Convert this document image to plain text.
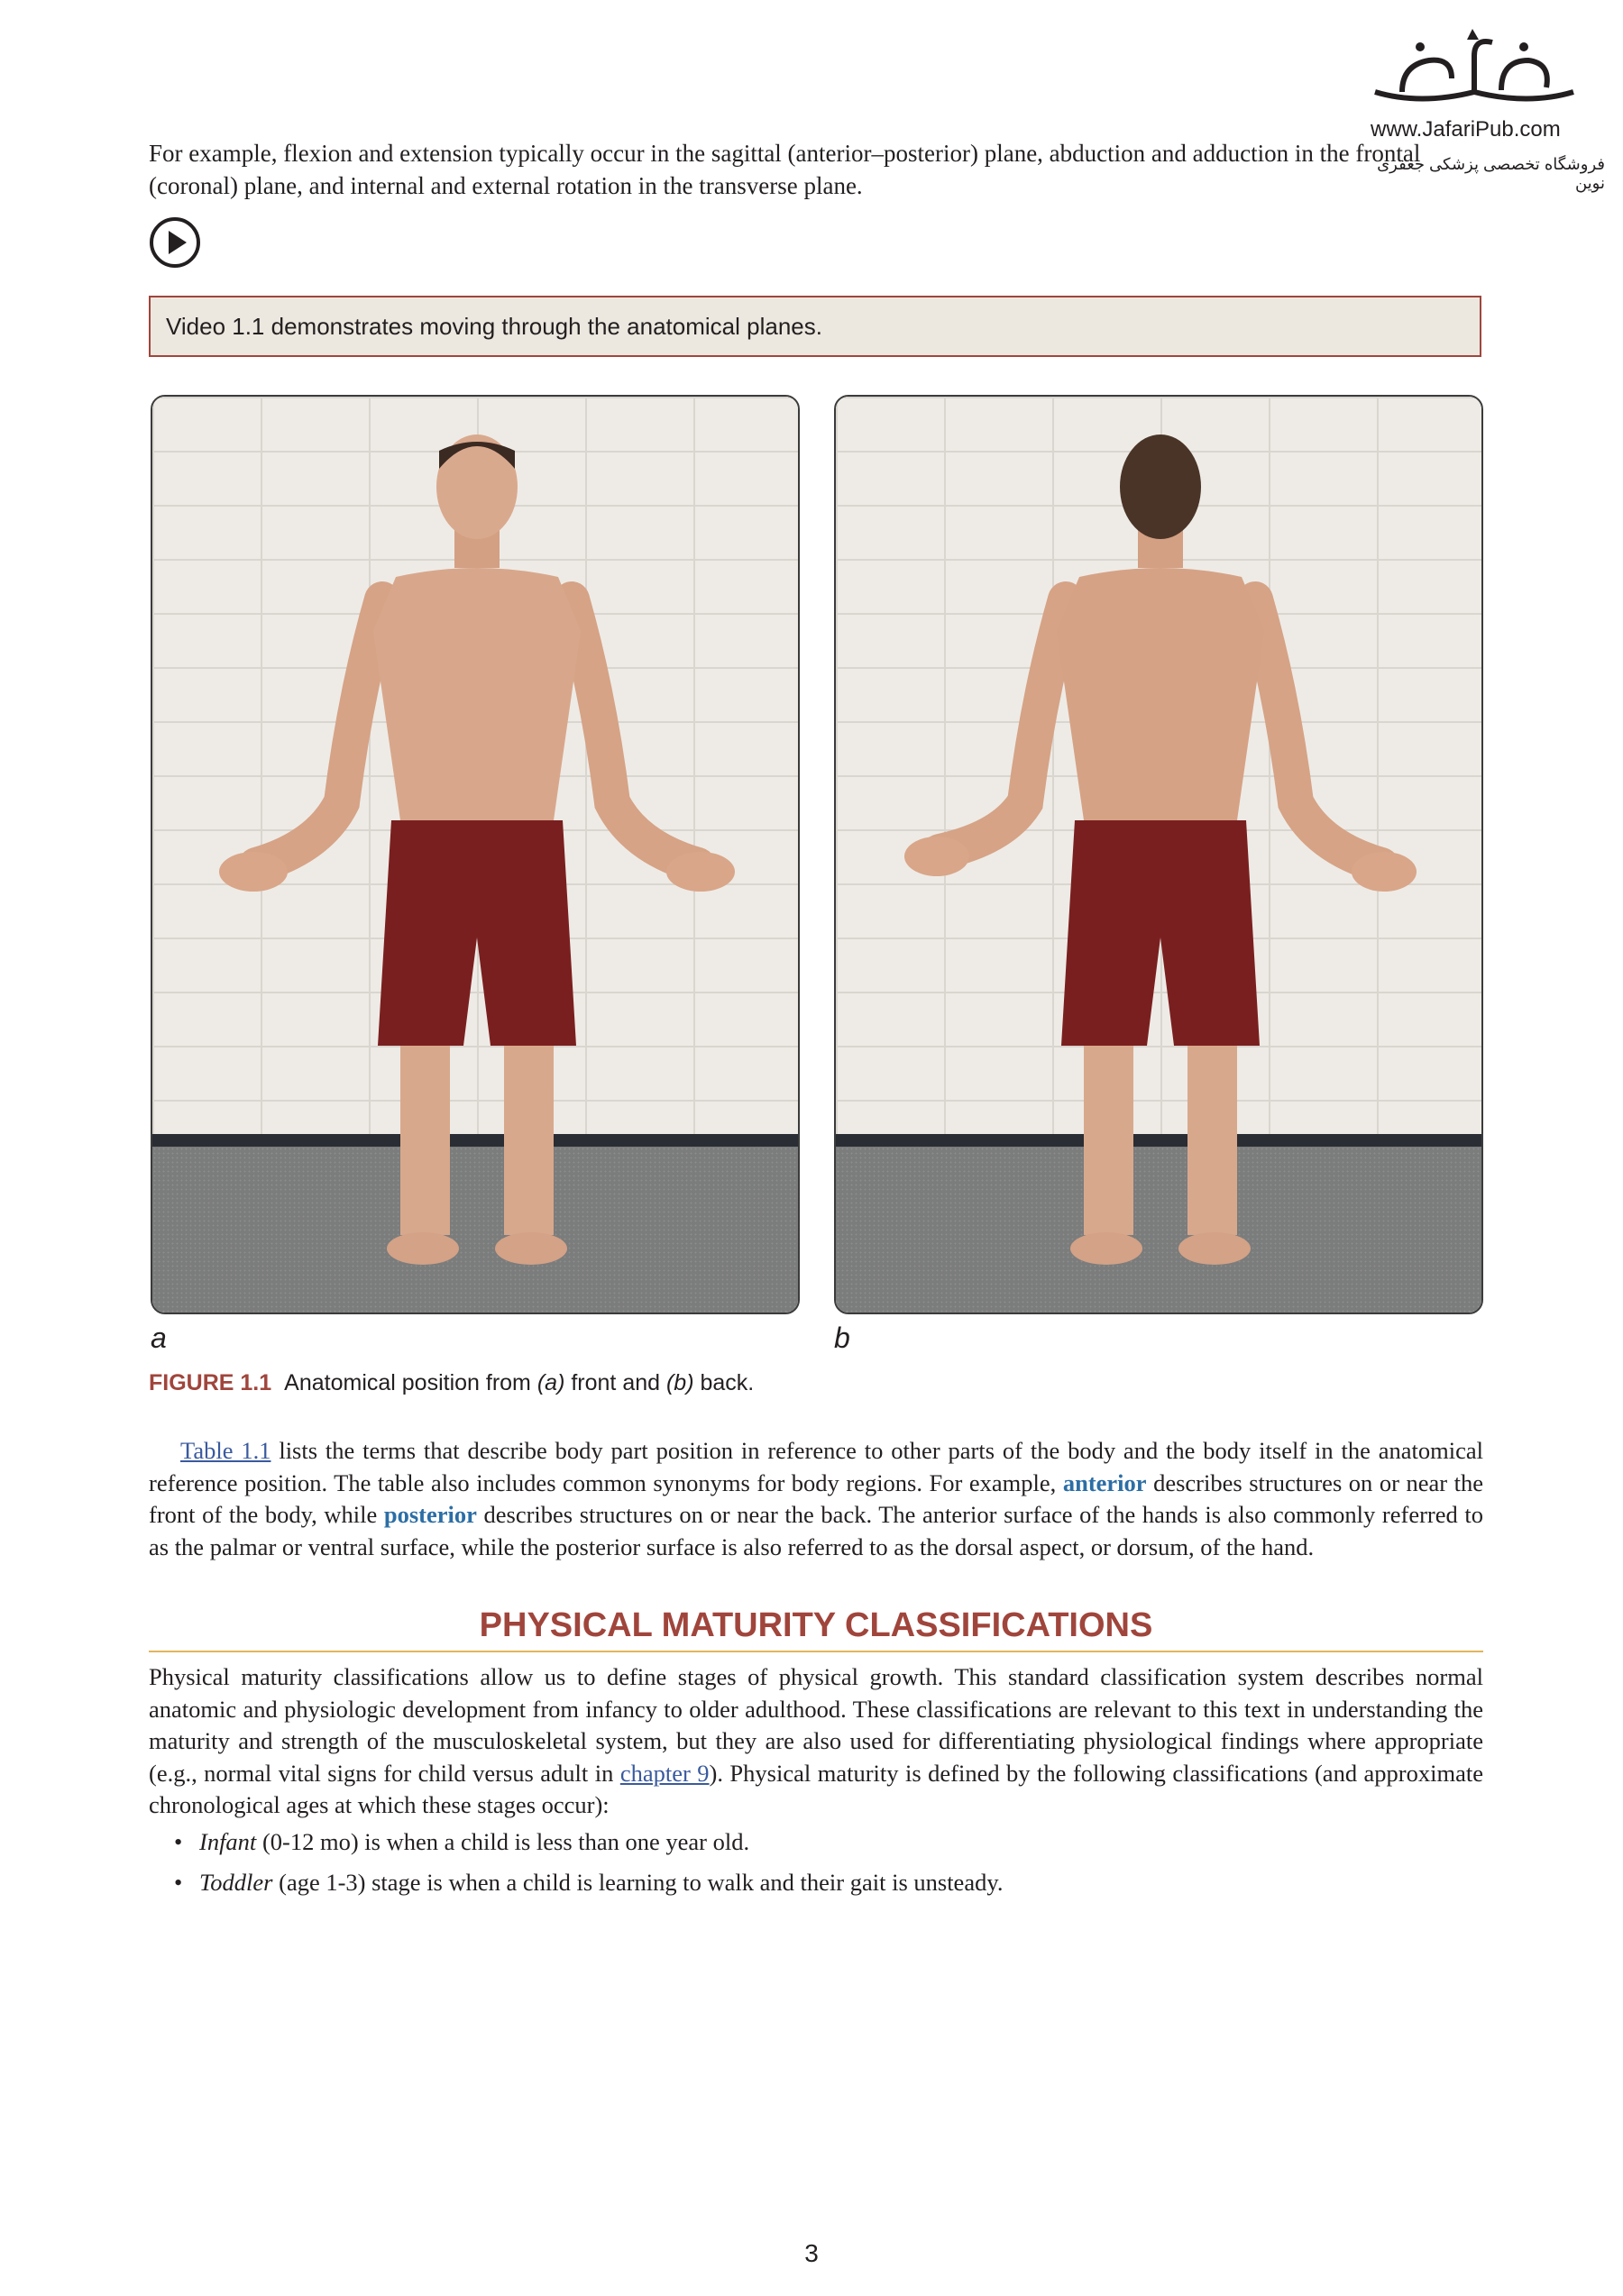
www.JafariPub.com
فروشگاه تخصصی پزشکی جعفری نوین
For example, flexion and extension typically occur in the sagittal (anterior–posterior) plane, abduction and adduction in the frontal (coronal) plane, and internal and external rotation in the transverse plane.
Video 1.1 demonstrates moving through the anatomical planes.
a	b
FIGURE 1.1 Anatomical position from (a) front and (b) back.
Table 1.1 lists the terms that describe body part position in reference to other parts of the body and the body itself in the anatomical reference position. The table also includes common synonyms for body regions. For example, anterior describes structures on or near the front of the body, while posterior describes structures on or near the back. The anterior surface of the hands is also commonly referred to as the palmar or ventral surface, while the posterior surface is also referred to as the dorsal aspect, or dorsum, of the hand.
PHYSICAL MATURITY CLASSIFICATIONS
Physical maturity classifications allow us to define stages of physical growth. This standard classification system describes normal anatomic and physiologic development from infancy to older adulthood. These classifications are relevant to this text in understanding the maturity and strength of the musculoskeletal system, but they are also used for differentiating physiological findings where appropriate (e.g., normal vital signs for child versus adult in chapter 9). Physical maturity is defined by the following classifications (and approximate chronological ages at which these stages occur):
• Infant (0-12 mo) is when a child is less than one year old.
• Toddler (age 1-3) stage is when a child is learning to walk and their gait is unsteady.
3
